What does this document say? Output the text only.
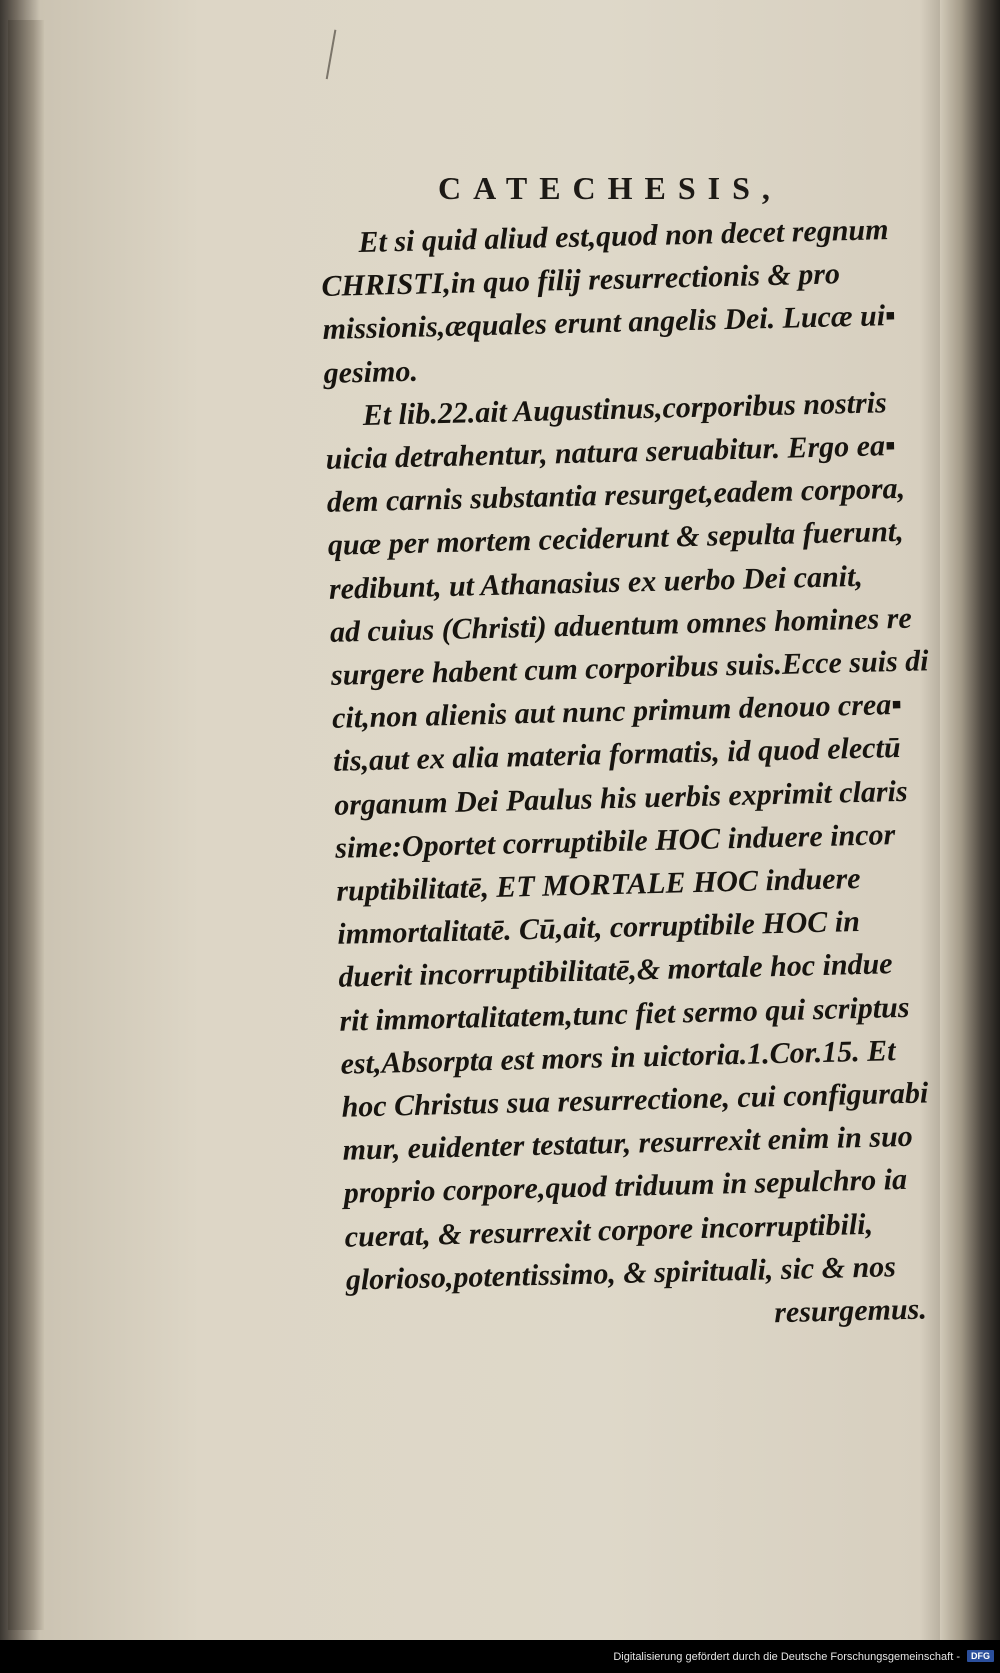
CATECHESIS,
Et si quid aliud est,quod non decet regnum
CHRISTI,in quo filij resurrectionis & pro
missionis,æquales erunt angelis Dei. Lucæ ui▪
gesimo.
Et lib.22.ait Augustinus,corporibus nostris
uicia detrahentur, natura seruabitur. Ergo ea▪
dem carnis substantia resurget,eadem corpora,
quæ per mortem ceciderunt & sepulta fuerunt,
redibunt, ut Athanasius ex uerbo Dei canit,
ad cuius (Christi) aduentum omnes homines re
surgere habent cum corporibus suis.Ecce suis di
cit,non alienis aut nunc primum denouo crea▪
tis,aut ex alia materia formatis, id quod electū
organum Dei Paulus his uerbis exprimit claris
sime:Oportet corruptibile HOC induere incor
ruptibilitatē, ET MORTALE HOC induere
immortalitatē. Cū,ait, corruptibile HOC in
duerit incorruptibilitatē,& mortale hoc indue
rit immortalitatem,tunc fiet sermo qui scriptus
est,Absorpta est mors in uictoria.1.Cor.15. Et
hoc Christus sua resurrectione, cui configurabi
mur, euidenter testatur, resurrexit enim in suo
proprio corpore,quod triduum in sepulchro ia
cuerat, & resurrexit corpore incorruptibili,
glorioso,potentissimo, & spirituali, sic & nos
resurgemus.
Digitalisierung gefördert durch die Deutsche Forschungsgemeinschaft -	DFG
